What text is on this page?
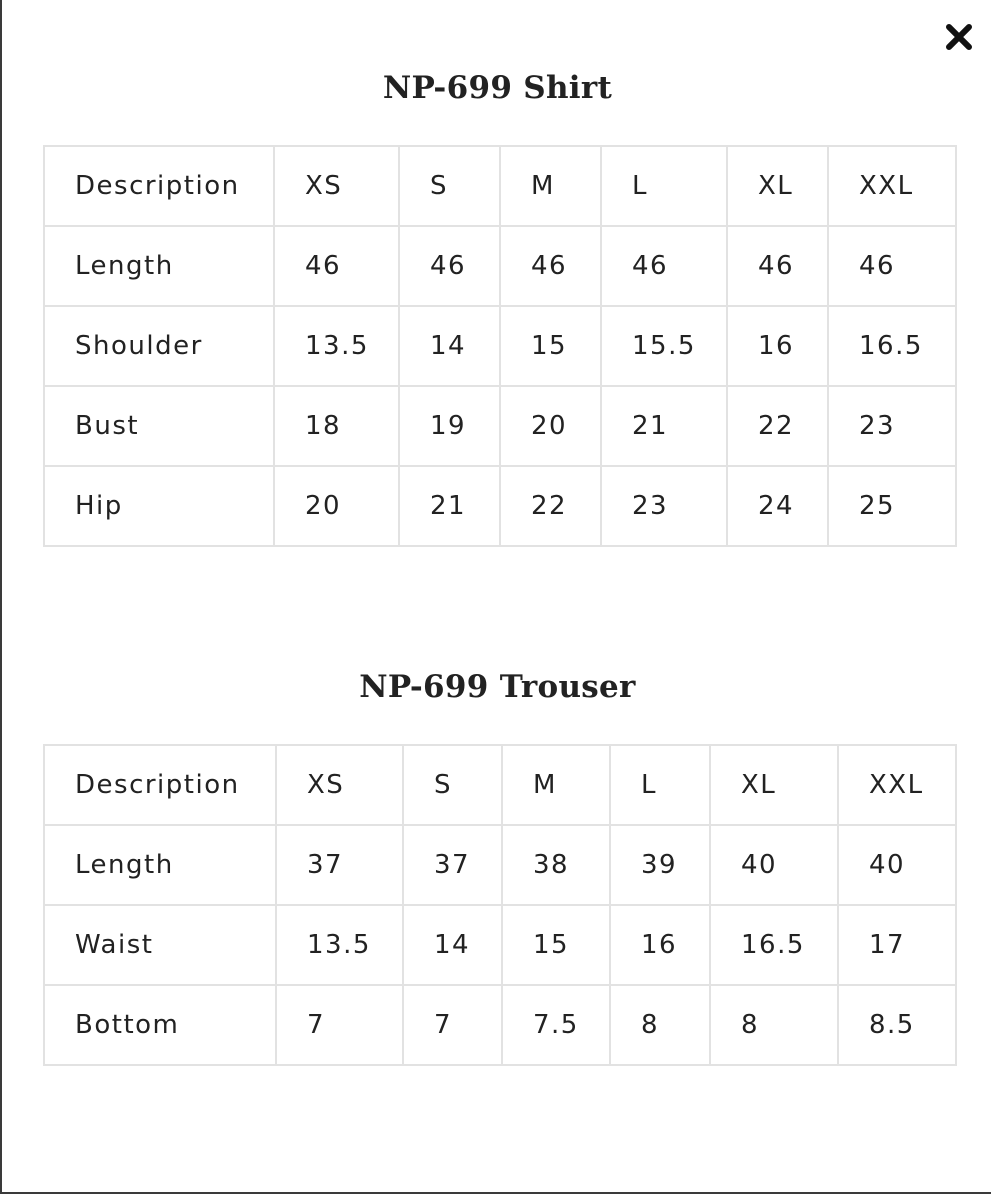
NP-699 Shirt
Description	XS	S	M	L	XL	XXL
Length	46	46	46	46	46	46
Shoulder	13.5	14	15	15.5	16	16.5
Bust	18	19	20	21	22	23
Hip	20	21	22	23	24	25
NP-699 Trouser
Description	XS	S	M	L	XL	XXL
Length	37	37	38	39	40	40
Waist	13.5	14	15	16	16.5	17
Bottom	7	7	7.5	8	8	8.5
